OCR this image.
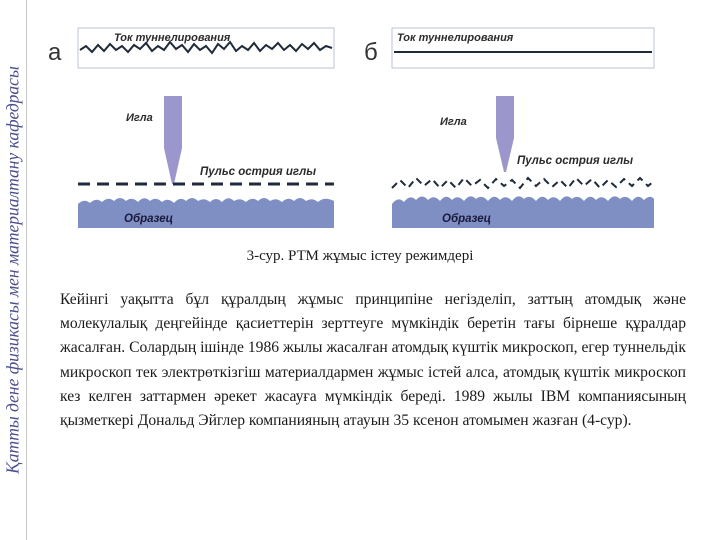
Қатты дене физикасы мен материалтану кафедрасы
а
Ток туннелирования
Игла
Пульс острия иглы
Образец
б
Ток туннелирования
Игла
Пульс острия иглы
Образец
3-сур. РТМ жұмыс істеу режимдері
Кейінгі уақытта бұл құралдың жұмыс принципіне негізделіп, заттың атомдық және молекулалық деңгейінде қасиеттерін зерттеуге мүмкіндік беретін тағы бірнеше құралдар жасалған. Солардың ішінде 1986 жылы жасалған атомдық күштік микроскоп, егер туннельдік микроскоп тек электрөткізгіш материалдармен жұмыс істей алса, атомдық күштік микроскоп кез келген заттармен әрекет жасауға мүмкіндік береді. 1989 жылы IBM компаниясының қызметкері Дональд Эйглер компанияның атауын 35 ксенон атомымен жазған (4-сур).
